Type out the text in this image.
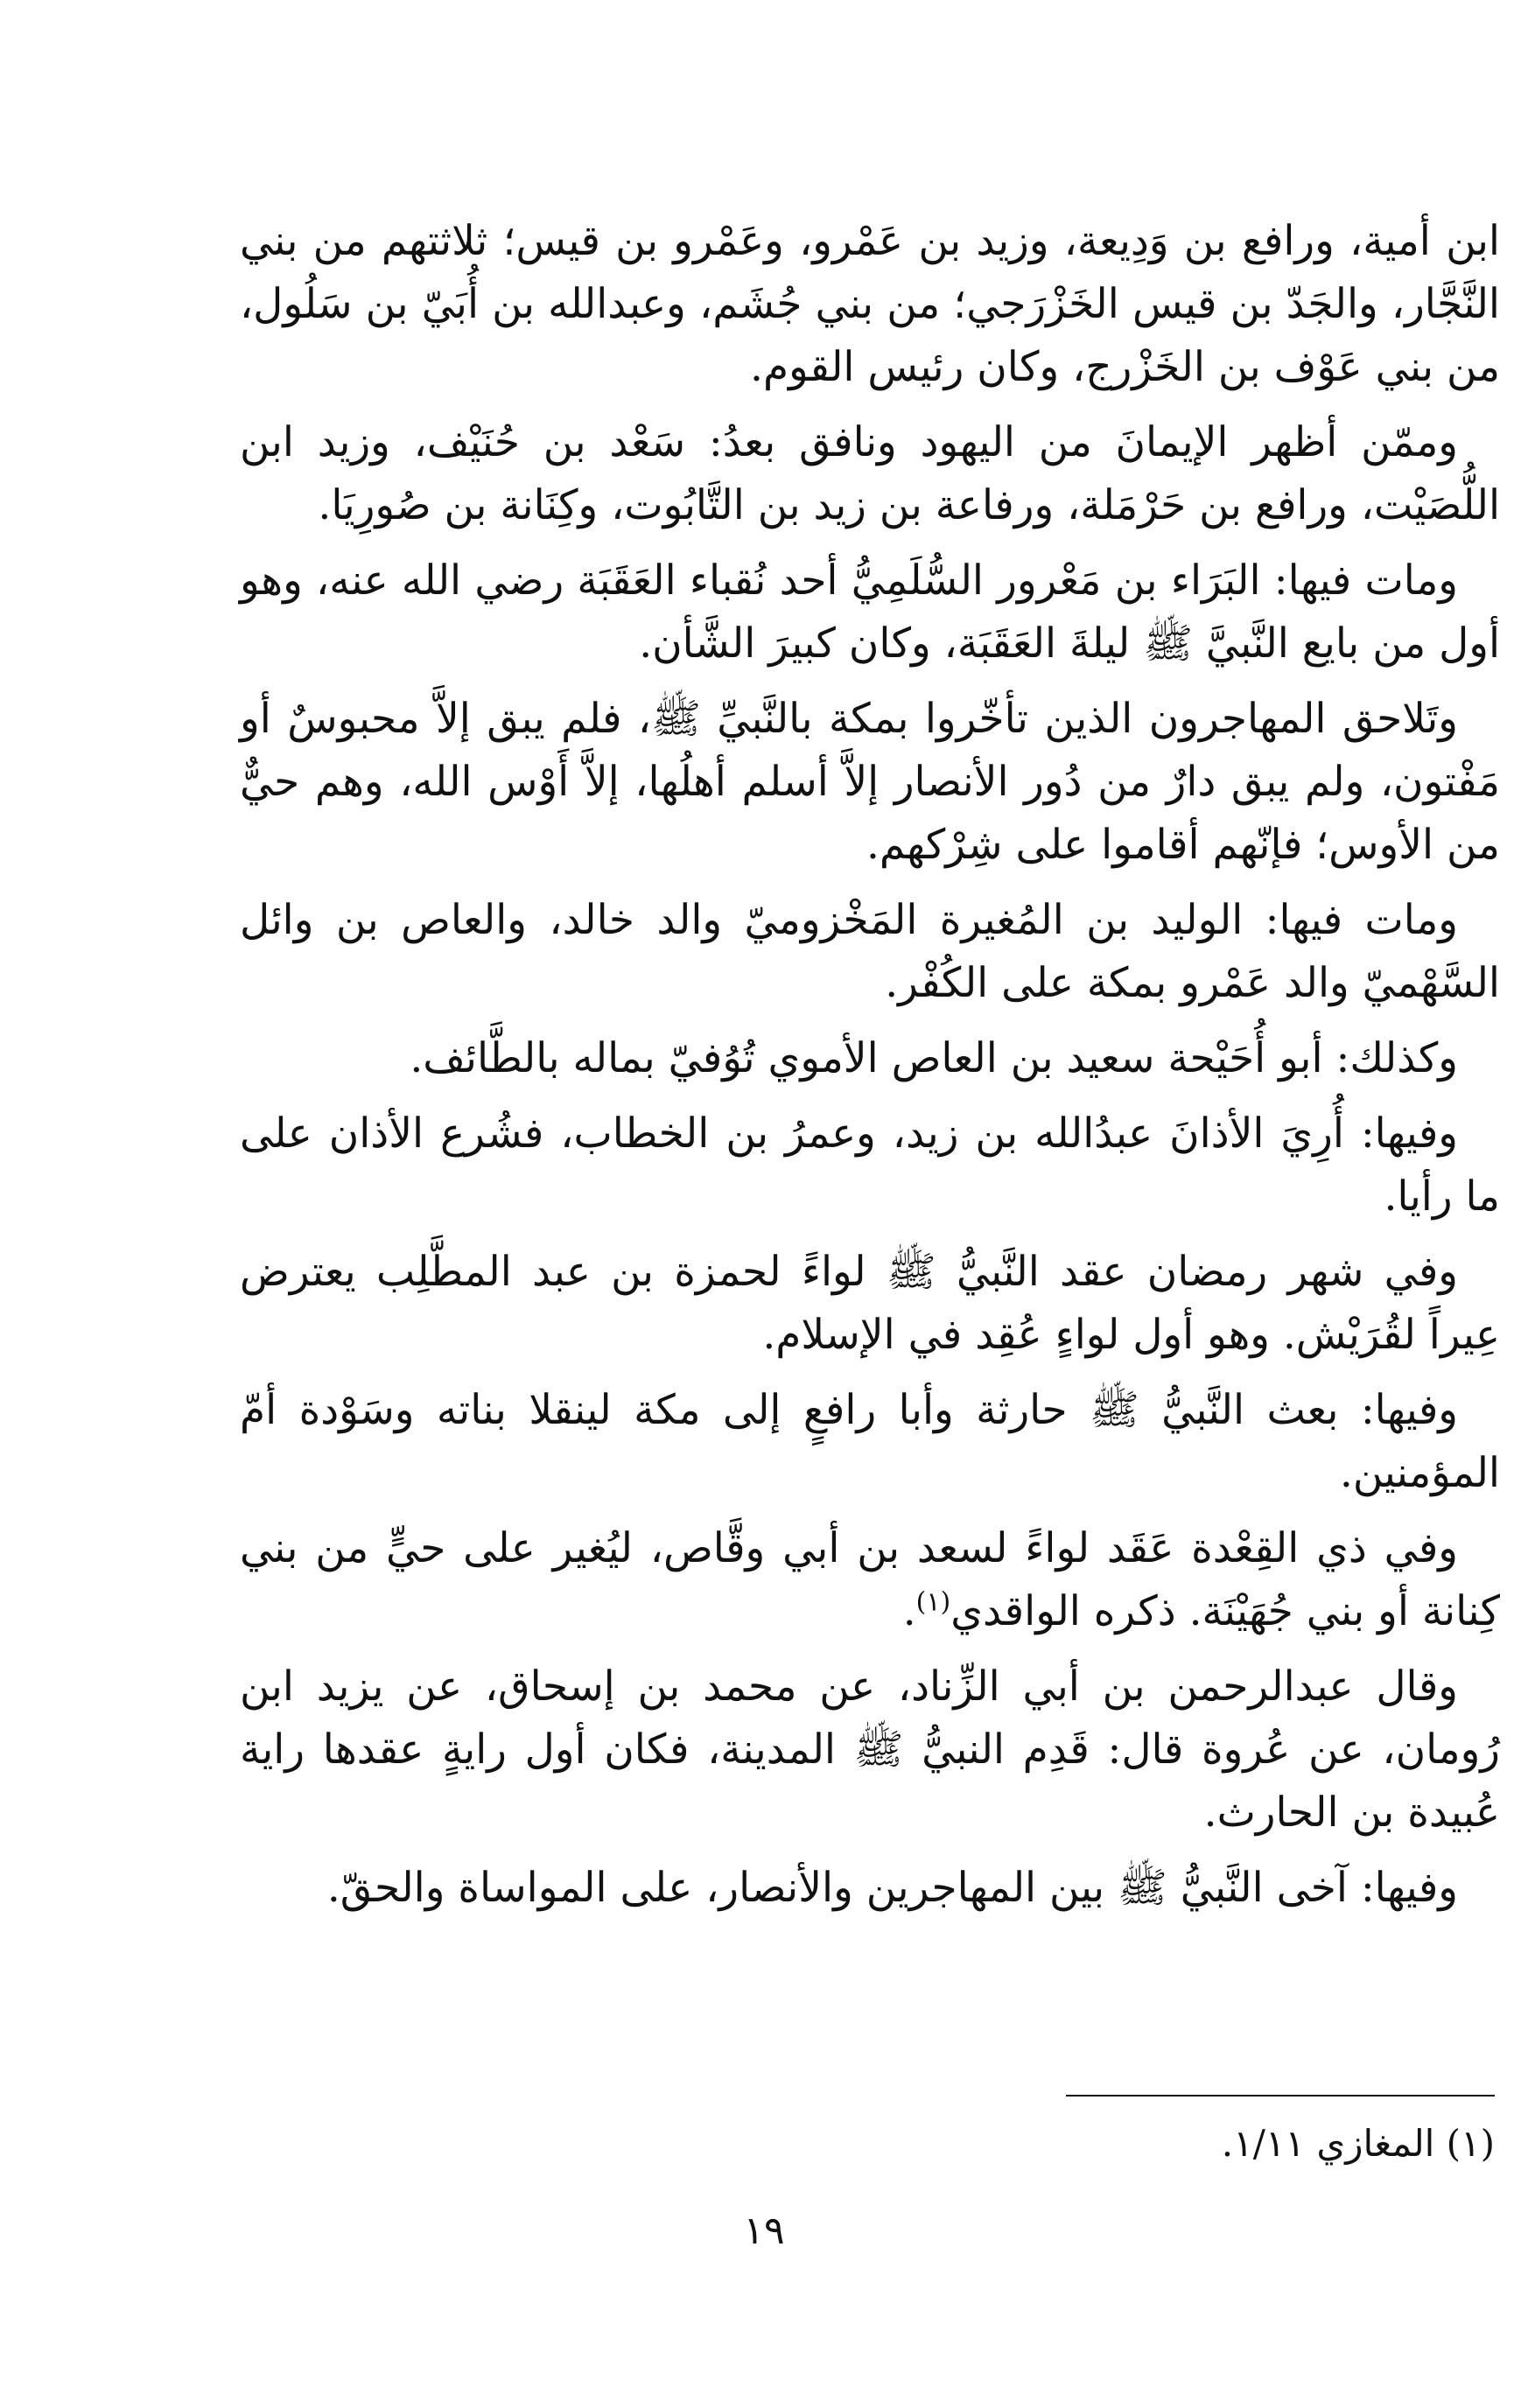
ابن أمية، ورافع بن وَدِيعة، وزيد بن عَمْرو، وعَمْرو بن قيس؛ ثلاثتهم من بني النَّجَّار، والجَدّ بن قيس الخَزْرَجي؛ من بني جُشَم، وعبدالله بن أُبَيّ بن سَلُول، من بني عَوْف بن الخَزْرج، وكان رئيس القوم.

وممّن أظهر الإيمانَ من اليهود ونافق بعدُ: سَعْد بن حُنَيْف، وزيد ابن اللُّصَيْت، ورافع بن حَرْمَلة، ورفاعة بن زيد بن التَّابُوت، وكِنَانة بن صُورِيَا.

ومات فيها: البَرَاء بن مَعْرور السُّلَمِيُّ أحد نُقباء العَقَبَة رضي الله عنه، وهو أول من بايع النَّبيَّ ﷺ ليلةَ العَقَبَة، وكان كبيرَ الشَّأن.

وتَلاحق المهاجرون الذين تأخّروا بمكة بالنَّبيِّ ﷺ، فلم يبق إلاَّ محبوسٌ أو مَفْتون، ولم يبق دارٌ من دُور الأنصار إلاَّ أسلم أهلُها، إلاَّ أَوْس الله، وهم حيٌّ من الأوس؛ فإنّهم أقاموا على شِرْكهم.

ومات فيها: الوليد بن المُغيرة المَخْزوميّ والد خالد، والعاص بن وائل السَّهْميّ والد عَمْرو بمكة على الكُفْر.

وكذلك: أبو أُحَيْحة سعيد بن العاص الأموي تُوُفيّ بماله بالطَّائف.

وفيها: أُرِيَ الأذانَ عبدُالله بن زيد، وعمرُ بن الخطاب، فشُرع الأذان على ما رأيا.

وفي شهر رمضان عقد النَّبيُّ ﷺ لواءً لحمزة بن عبد المطَّلِب يعترض عِيراً لقُرَيْش. وهو أول لواءٍ عُقِد في الإسلام.

وفيها: بعث النَّبيُّ ﷺ حارثة وأبا رافعٍ إلى مكة لينقلا بناته وسَوْدة أمّ المؤمنين.

وفي ذي القِعْدة عَقَد لواءً لسعد بن أبي وقَّاص، ليُغير على حيٍّ من بني كِنانة أو بني جُهَيْنَة. ذكره الواقدي$^{(١)}$.

وقال عبدالرحمن بن أبي الزِّناد، عن محمد بن إسحاق، عن يزيد ابن رُومان، عن عُروة قال: قَدِم النبيُّ ﷺ المدينة، فكان أول رايةٍ عقدها راية عُبيدة بن الحارث.

وفيها: آخى النَّبيُّ ﷺ بين المهاجرين والأنصار، على المواساة والحقّ.

(١) المغازي ١/١١.
١٩
